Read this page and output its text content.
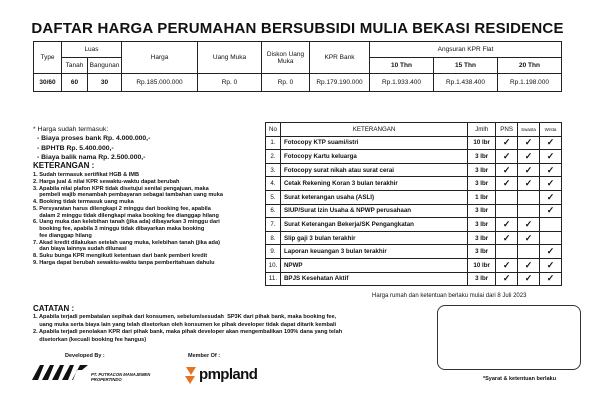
DAFTAR HARGA PERUMAHAN BERSUBSIDI MULIA BEKASI RESIDENCE
Type	Luas		Harga	Uang Muka	Diskon Uang Muka	KPR Bank	Angsuran KPR Flat		
	Tanah	Bangunan					10 Thn	15 Thn	20 Thn
30/60	60	30	Rp.185.000.000	Rp. 0	Rp. 0	Rp.179.190.000	Rp.1.933.400	Rp.1.438.400	Rp.1.198.000
* Harga sudah termasuk:
- Biaya proses bank Rp. 4.000.000,-
- BPHTB Rp. 5.400.000,-
- Biaya balik nama Rp. 2.500.000,-
KETERANGAN :
1. Sudah termasuk sertifikat HGB & IMB
2. Harga jual & nilai KPR sewaktu-waktu dapat berubah
3. Apabila nilai plafon KPR tidak disetujui senilai pengajuan, maka
pembeli wajib menambah pembayaran sebagai tambahan uang muka
4. Booking tidak termasuk uang muka
5. Persyaratan harus dilengkapi 2 minggu dari booking fee, apabila
dalam 2 minggu tidak dilengkapi maka booking fee dianggap hilang
6. Uang muka dan kelebihan tanah (jika ada) dibayarkan 3 minggu dari
booking fee, apabila 3 minggu tidak dibayarkan maka booking
fee dianggap hilang
7. Akad kredit dilakukan setelah uang muka, kelebihan tanah (jika ada)
dan biaya lainnya sudah dilunasi
8. Suku bunga KPR mengikuti ketentuan dari bank pemberi kredit
9. Harga dapat berubah sewaktu-waktu tanpa pemberitahuan dahulu
No	KETERANGAN	Jmlh	PNS	Swasta	Wrsta
1.	Fotocopy KTP suami/istri	10 lbr	✓	✓	✓
2.	Fotocopy Kartu keluarga	3 lbr	✓	✓	✓
3.	Fotocopy surat nikah atau surat cerai	3 lbr	✓	✓	✓
4.	Cetak Rekening Koran 3 bulan terakhir	3 lbr	✓	✓	✓
5.	Surat keterangan usaha (ASLI)	1 lbr			✓
6.	SIUP/Surat Izin Usaha & NPWP perusahaan	3 lbr			✓
7.	Surat Keterangan Bekerja/SK Pengangkatan	3 lbr	✓	✓	
8.	Slip gaji 3 bulan terakhir	3 lbr	✓	✓	
9.	Laporan keuangan 3 bulan terakhir	3 lbr			✓
10.	NPWP	10 lbr	✓	✓	✓
11.	BPJS Kesehatan Aktif	3 lbr	✓	✓	✓
Harga rumah dan ketentuan berlaku mulai dari 8 Juli 2023
CATATAN :
1. Apabila terjadi pembatalan sepihak dari konsumen, sebelum/sesudah  SP3K dari pihak bank, maka booking fee,
uang muka serta biaya lain yang telah disetorkan oleh konsumen ke pihak developer tidak dapat ditarik kembali
2. Apabila terjadi penolakan KPR dari pihak bank, maka pihak developer akan mengembalikan 100% dana yang telah
disetorkan (kecuali booking fee hangus)
Developed By :
PT. PUTRACON MANAJEMEN
PROPERTINDO
Member Of :
pmpland	*Syarat & ketentuan berlaku
